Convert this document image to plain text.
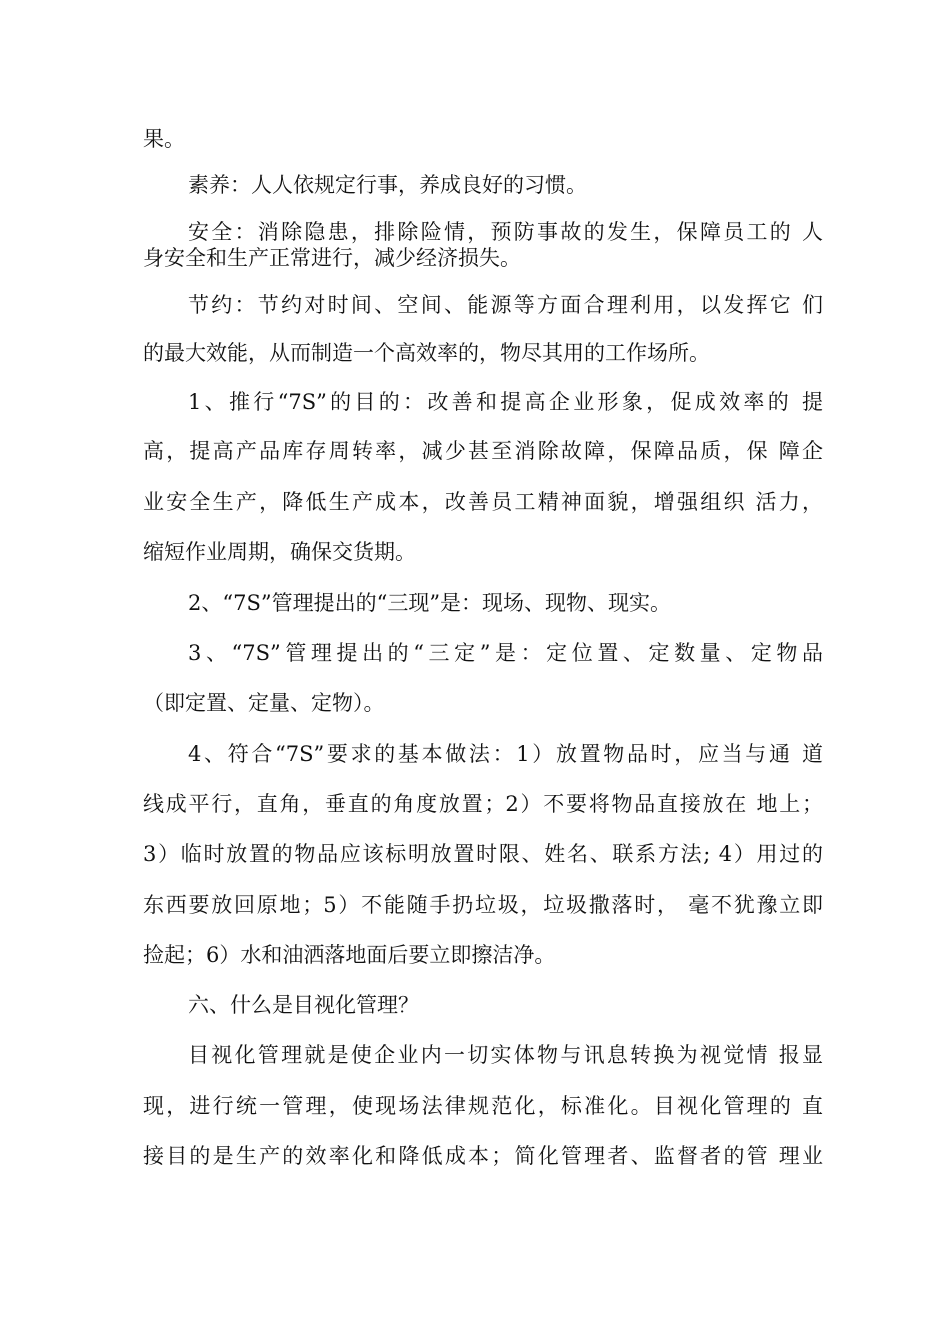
果。
素养：人人依规定行事，养成良好的习惯。
安全：消除隐患，排除险情，预防事故的发生，保障员工的 人
身安全和生产正常进行，减少经济损失。
节约：节约对时间、空间、能源等方面合理利用，以发挥它 们
的最大效能，从而制造一个高效率的，物尽其用的工作场所。
1、推行“7S”的目的：改善和提高企业形象，促成效率的 提
高，提高产品库存周转率，减少甚至消除故障，保障品质，保 障企
业安全生产，降低生产成本，改善员工精神面貌，增强组织 活力，
缩短作业周期，确保交货期。
2、“7S”管理提出的“三现”是：现场、现物、现实。
3、“7S”管理提出的“三定”是：定位置、定数量、定物品
（即定置、定量、定物）。
4、符合“7S”要求的基本做法：1）放置物品时，应当与通 道
线成平行，直角，垂直的角度放置；2）不要将物品直接放在 地上；
3）临时放置的物品应该标明放置时限、姓名、联系方法; 4）用过的
东西要放回原地；5）不能随手扔垃圾，垃圾撒落时， 毫不犹豫立即
捡起；6）水和油洒落地面后要立即擦洁净。
六、什么是目视化管理？
目视化管理就是使企业内一切实体物与讯息转换为视觉情 报显
现，进行统一管理，使现场法律规范化，标准化。目视化管理的 直
接目的是生产的效率化和降低成本；简化管理者、监督者的管 理业
